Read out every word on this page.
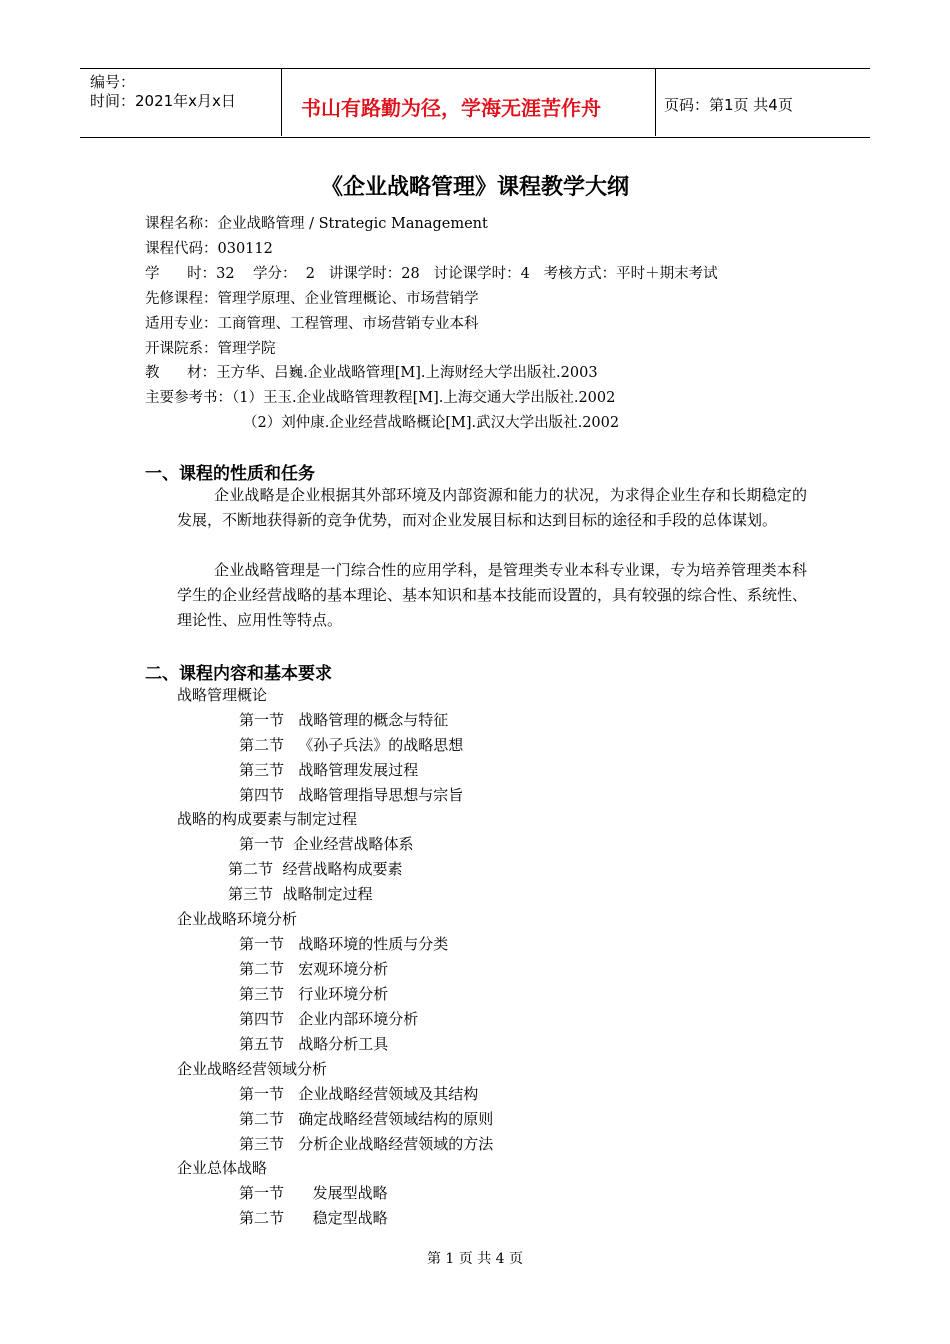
编号：
时间：2021年x月x日	书山有路勤为径，学海无涯苦作舟	页码：第1页 共4页
《企业战略管理》课程教学大纲
课程名称：企业战略管理 / Strategic Management
课程代码：030112
学      时：32    学分：  2   讲课学时：28   讨论课学时：4   考核方式：平时＋期末考试
先修课程：管理学原理、企业管理概论、市场营销学
适用专业：工商管理、工程管理、市场营销专业本科
开课院系：管理学院
教      材：王方华、吕巍.企业战略管理[M].上海财经大学出版社.2003
主要参考书：（1）王玉.企业战略管理教程[M].上海交通大学出版社.2002
（2）刘仲康.企业经营战略概论[M].武汉大学出版社.2002
一、课程的性质和任务
企业战略是企业根据其外部环境及内部资源和能力的状况，为求得企业生存和长期稳定的发展，不断地获得新的竞争优势，而对企业发展目标和达到目标的途径和手段的总体谋划。
企业战略管理是一门综合性的应用学科，是管理类专业本科专业课，专为培养管理类本科学生的企业经营战略的基本理论、基本知识和基本技能而设置的，具有较强的综合性、系统性、理论性、应用性等特点。
二、课程内容和基本要求
战略管理概论
第一节   战略管理的概念与特征
第二节   《孙子兵法》的战略思想
第三节   战略管理发展过程
第四节   战略管理指导思想与宗旨
战略的构成要素与制定过程
第一节  企业经营战略体系
第二节  经营战略构成要素
第三节  战略制定过程
企业战略环境分析
第一节   战略环境的性质与分类
第二节   宏观环境分析
第三节   行业环境分析
第四节   企业内部环境分析
第五节   战略分析工具
企业战略经营领域分析
第一节   企业战略经营领域及其结构
第二节   确定战略经营领域结构的原则
第三节   分析企业战略经营领域的方法
企业总体战略
第一节      发展型战略
第二节      稳定型战略
第 1 页 共 4 页
